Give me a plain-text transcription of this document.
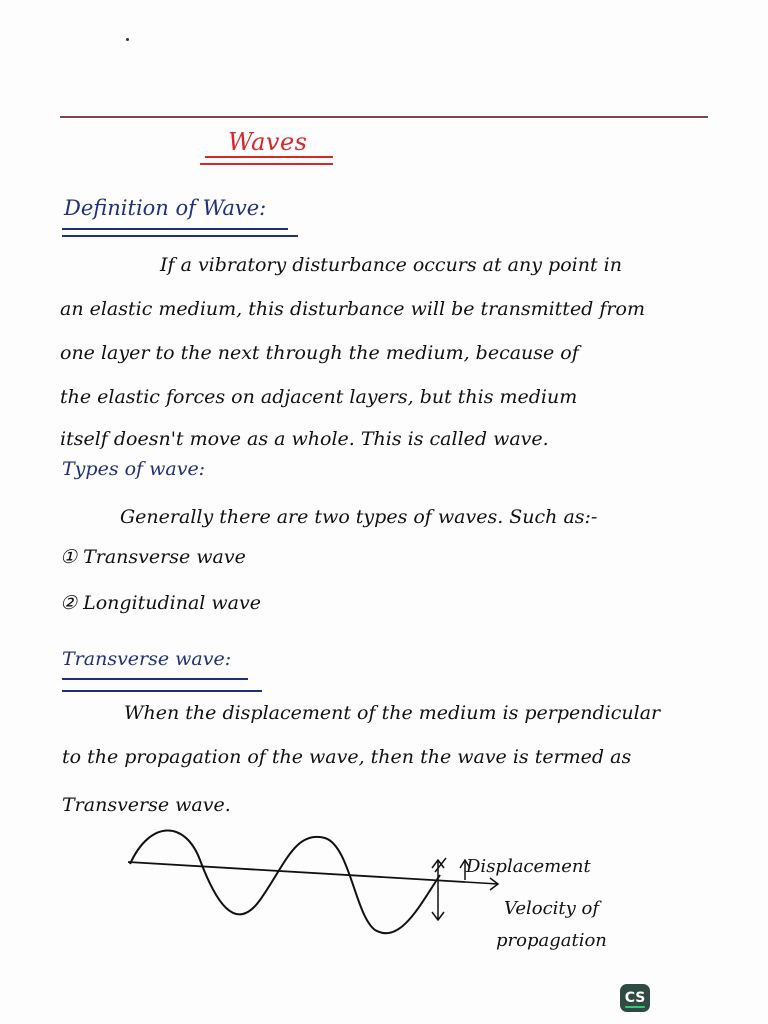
Waves
Definition of Wave:
If a vibratory disturbance occurs at any point in
an elastic medium, this disturbance will be transmitted from
one layer to the next through the medium, because of
the elastic forces on adjacent layers, but this medium
itself doesn't move as a whole. This is called wave.
Types of wave:
Generally there are two types of waves. Such as:-
① Transverse wave
② Longitudinal wave
Transverse wave:
When the displacement of the medium is perpendicular
to the propagation of the wave, then the wave is termed as
Transverse wave.
Displacement
Velocity of
propagation
CS
